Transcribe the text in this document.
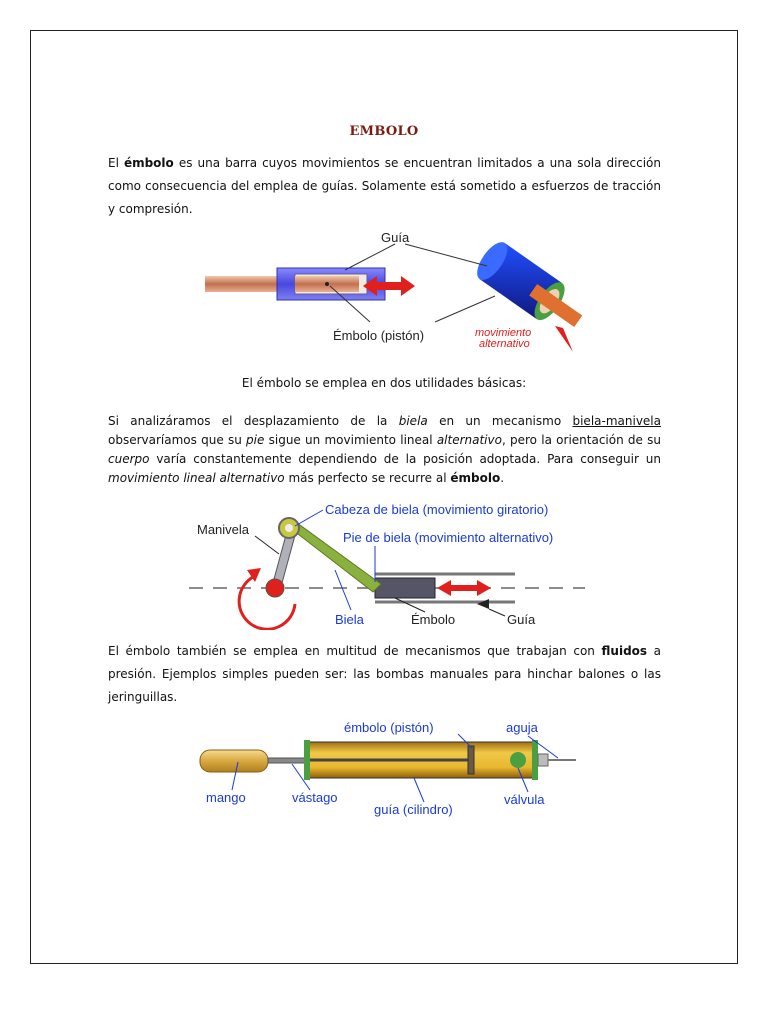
EMBOLO
El émbolo es una barra cuyos movimientos se encuentran limitados a una sola dirección como consecuencia del emplea de guías. Solamente está sometido a esfuerzos de tracción y compresión.
Guía
Émbolo (pistón)	movimiento
alternativo
El émbolo se emplea en dos utilidades básicas:
Si analizáramos el desplazamiento de la biela en un mecanismo biela-manivela observaríamos que su pie sigue un movimiento lineal alternativo, pero la orientación de su cuerpo varía constantemente dependiendo de la posición adoptada. Para conseguir un movimiento lineal alternativo más perfecto se recurre al émbolo.
Cabeza de biela (movimiento giratorio)
Pie de biela (movimiento alternativo)
Manivela
Biela	Émbolo	Guía
El émbolo también se emplea en multitud de mecanismos que trabajan con fluidos a presión. Ejemplos simples pueden ser: las bombas manuales para hinchar balones o las jeringuillas.
émbolo (pistón)	aguja
mango	vástago
guía (cilindro)
válvula
